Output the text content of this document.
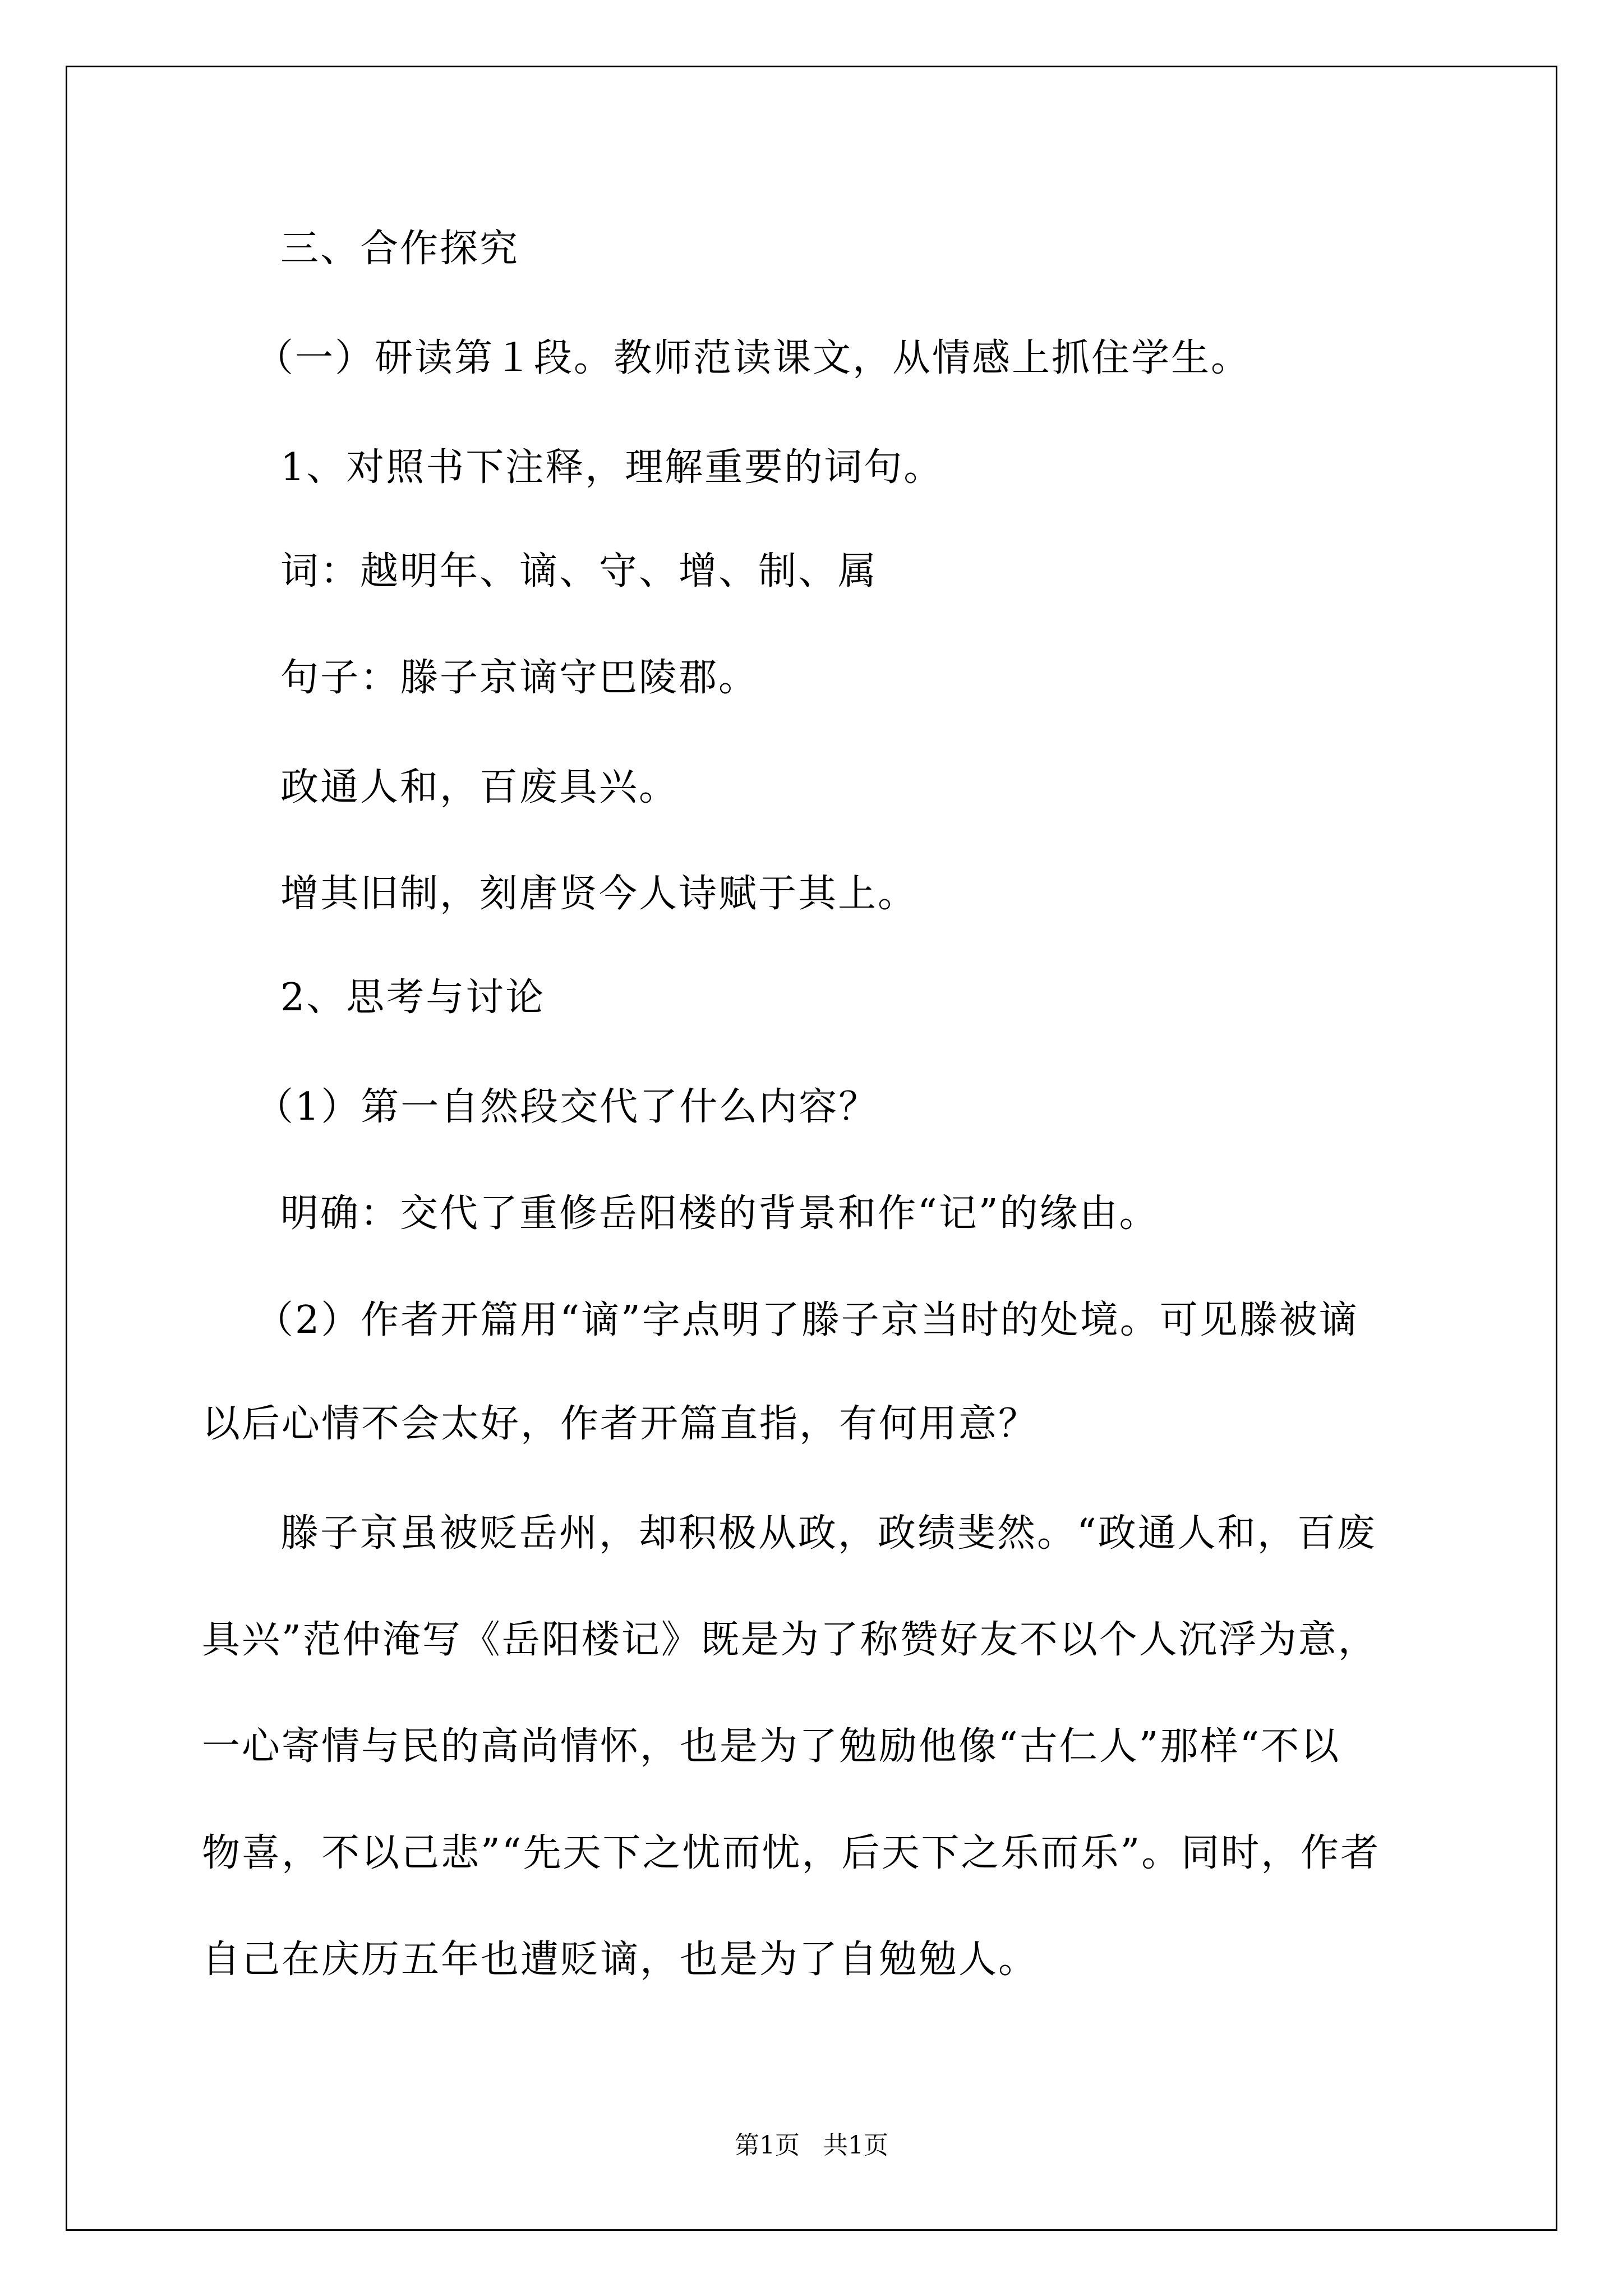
三、合作探究
（一）研读第１段。教师范读课文，从情感上抓住学生。
1、对照书下注释，理解重要的词句。
词：越明年、谪、守、增、制、属
句子：滕子京谪守巴陵郡。
政通人和，百废具兴。
增其旧制，刻唐贤今人诗赋于其上。
2、思考与讨论
（1）第一自然段交代了什么内容？
明确：交代了重修岳阳楼的背景和作“记”的缘由。
（2）作者开篇用“谪”字点明了滕子京当时的处境。可见滕被谪
以后心情不会太好，作者开篇直指，有何用意？
滕子京虽被贬岳州，却积极从政，政绩斐然。“政通人和，百废
具兴”范仲淹写《岳阳楼记》既是为了称赞好友不以个人沉浮为意，
一心寄情与民的高尚情怀，也是为了勉励他像“古仁人”那样“不以
物喜，不以己悲”“先天下之忧而忧，后天下之乐而乐”。同时，作者
自己在庆历五年也遭贬谪，也是为了自勉勉人。
第1页   共1页
